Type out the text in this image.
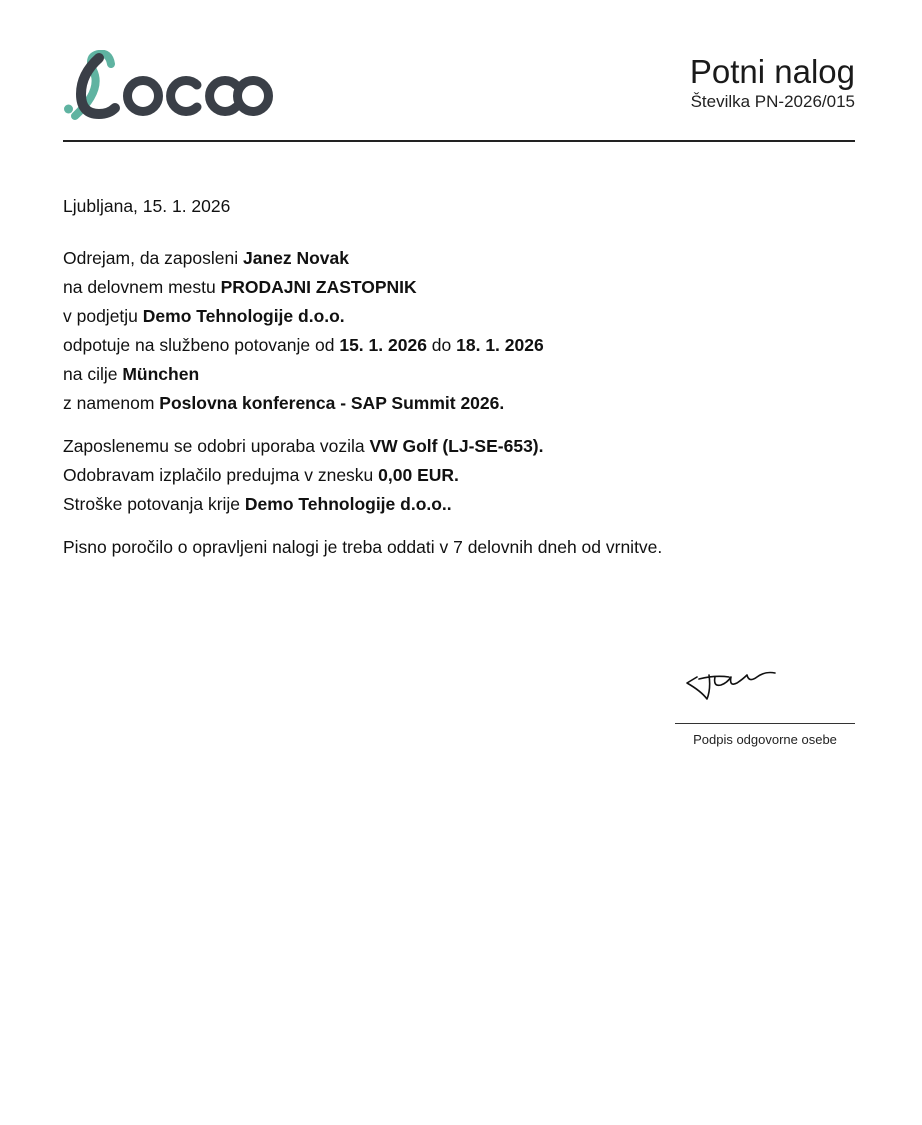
Potni nalog
Številka PN-2026/015

Ljubljana, 15. 1. 2026

Odrejam, da zaposleni Janez Novak

na delovnem mestu PRODAJNI ZASTOPNIK

v podjetju Demo Tehnologije d.o.o.

odpotuje na službeno potovanje od 15. 1. 2026 do 18. 1. 2026

na cilje München

z namenom Poslovna konferenca - SAP Summit 2026.

Zaposlenemu se odobri uporaba vozila VW Golf (LJ-SE-653).

Odobravam izplačilo predujma v znesku 0,00 EUR.

Stroške potovanja krije Demo Tehnologije d.o.o..

Pisno poročilo o opravljeni nalogi je treba oddati v 7 delovnih dneh od vrnitve.

Podpis odgovorne osebe
